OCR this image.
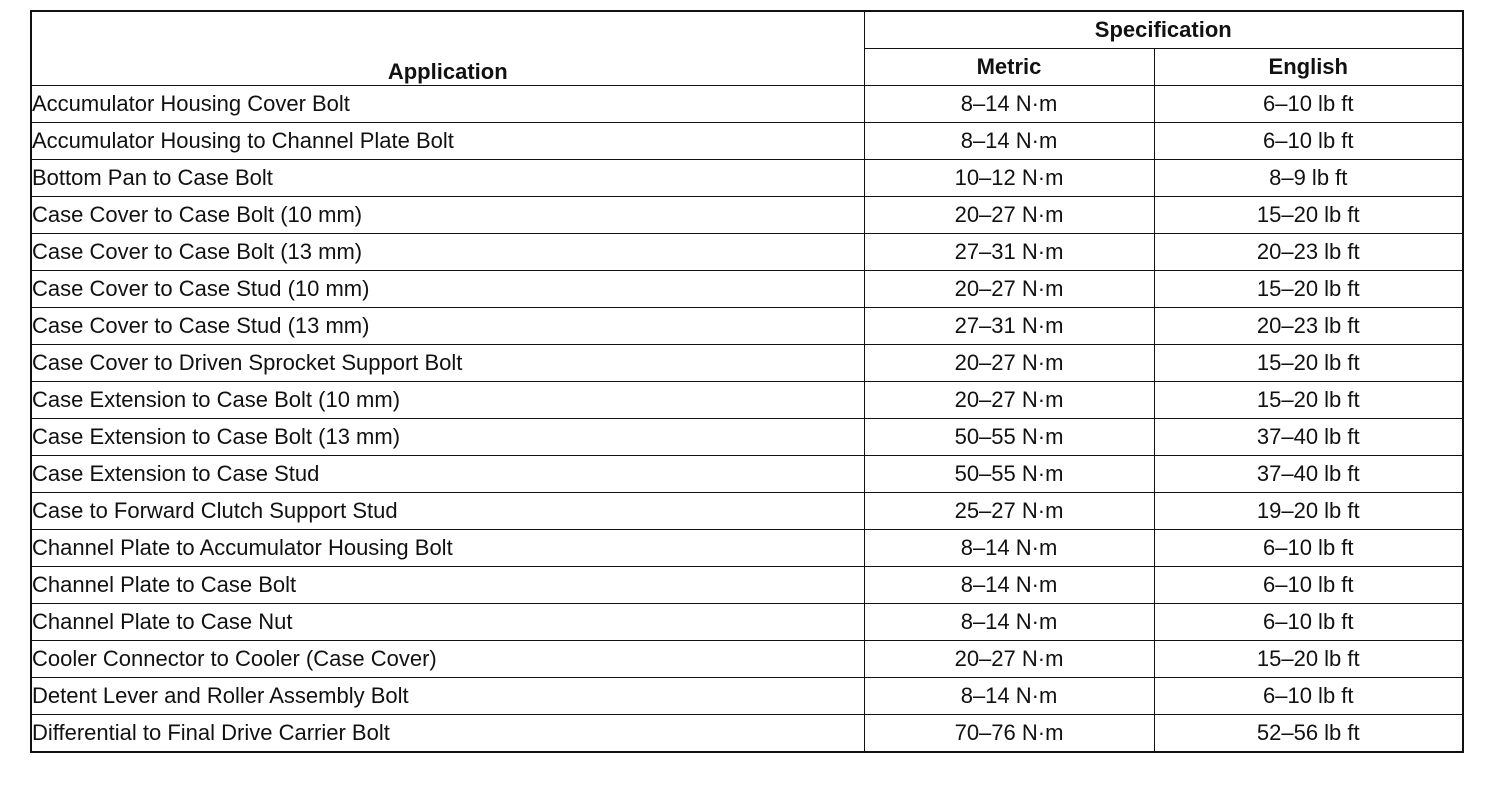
Application	Specification	
	Metric	English
Accumulator Housing Cover Bolt	8–14 N·m	6–10 lb ft
Accumulator Housing to Channel Plate Bolt	8–14 N·m	6–10 lb ft
Bottom Pan to Case Bolt	10–12 N·m	8–9 lb ft
Case Cover to Case Bolt (10 mm)	20–27 N·m	15–20 lb ft
Case Cover to Case Bolt (13 mm)	27–31 N·m	20–23 lb ft
Case Cover to Case Stud (10 mm)	20–27 N·m	15–20 lb ft
Case Cover to Case Stud (13 mm)	27–31 N·m	20–23 lb ft
Case Cover to Driven Sprocket Support Bolt	20–27 N·m	15–20 lb ft
Case Extension to Case Bolt (10 mm)	20–27 N·m	15–20 lb ft
Case Extension to Case Bolt (13 mm)	50–55 N·m	37–40 lb ft
Case Extension to Case Stud	50–55 N·m	37–40 lb ft
Case to Forward Clutch Support Stud	25–27 N·m	19–20 lb ft
Channel Plate to Accumulator Housing Bolt	8–14 N·m	6–10 lb ft
Channel Plate to Case Bolt	8–14 N·m	6–10 lb ft
Channel Plate to Case Nut	8–14 N·m	6–10 lb ft
Cooler Connector to Cooler (Case Cover)	20–27 N·m	15–20 lb ft
Detent Lever and Roller Assembly Bolt	8–14 N·m	6–10 lb ft
Differential to Final Drive Carrier Bolt	70–76 N·m	52–56 lb ft
